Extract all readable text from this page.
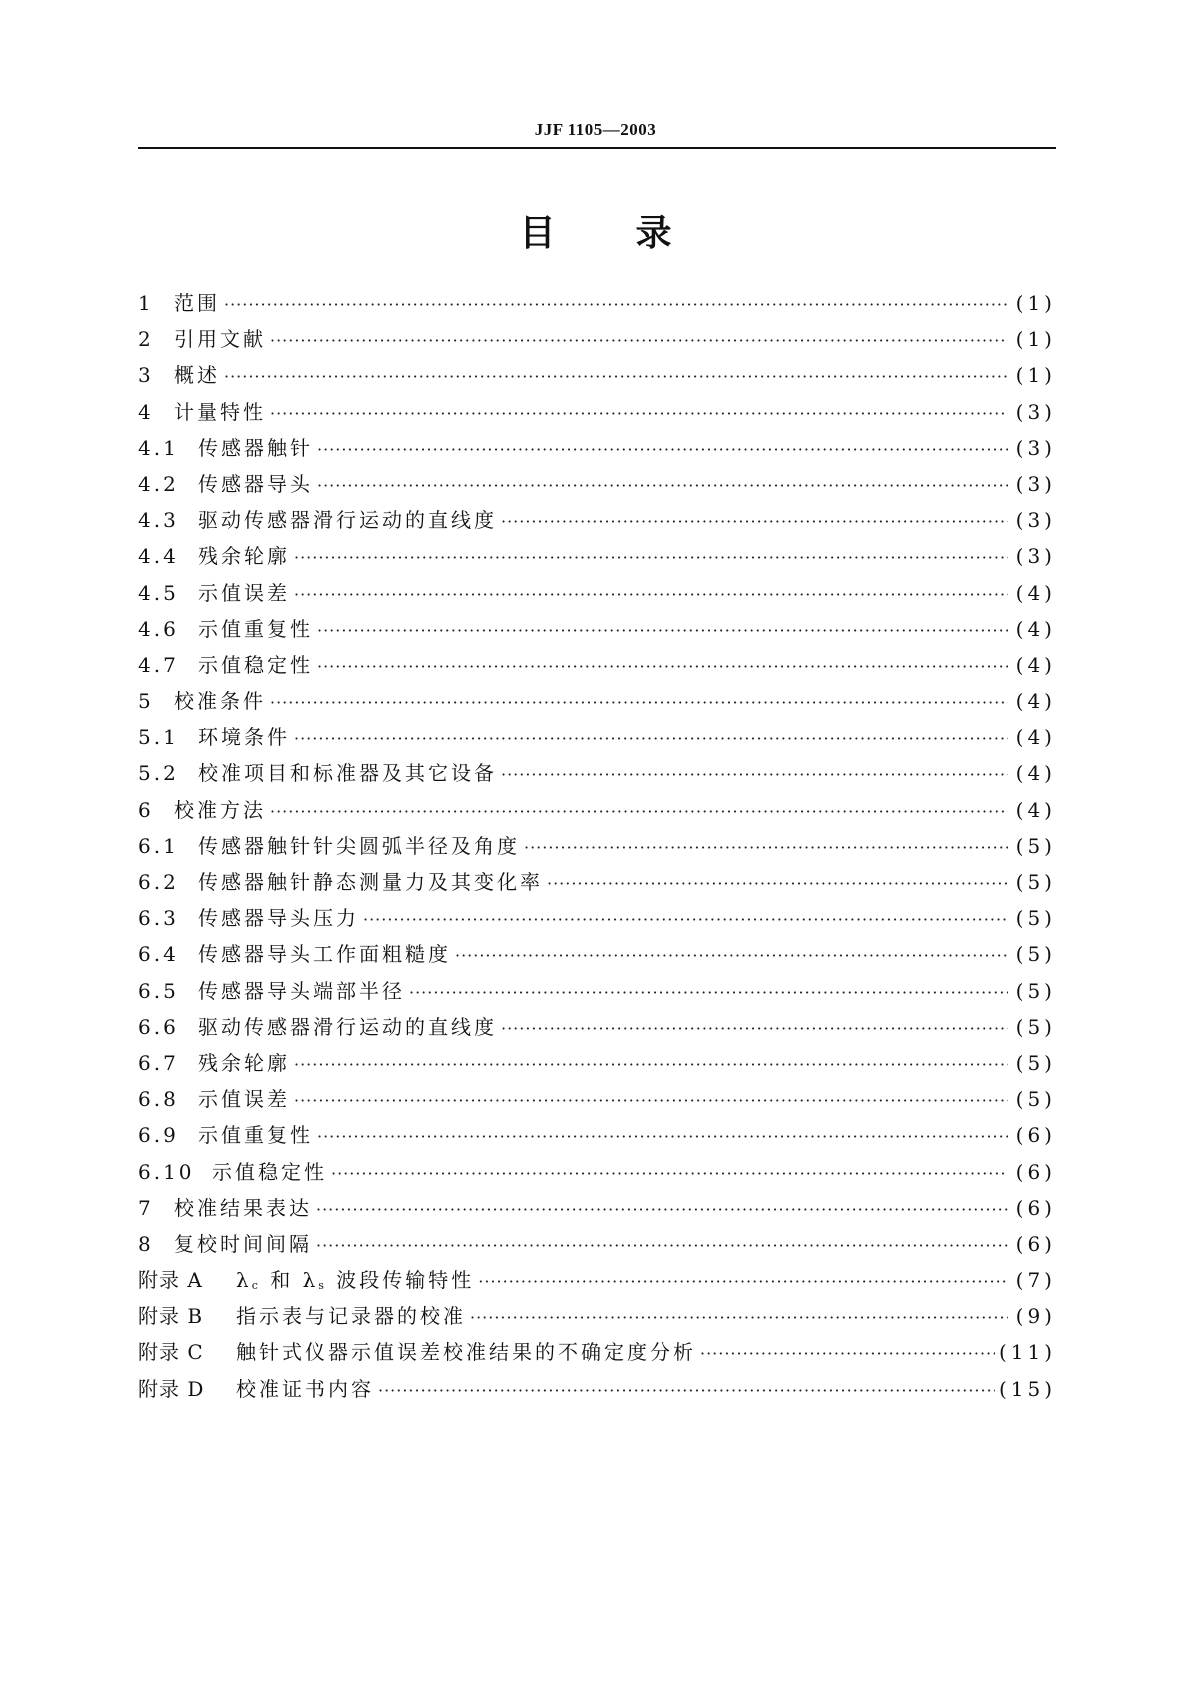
JJF 1105—2003
目录
1	范围 ·····	(1)
2	引用文献 ·····	(1)
3	概述 ·····	(1)
4	计量特性 ·····	(3)
4.1 传感器触针 ·····	(3)
4.2 传感器导头 ·····	(3)
4.3 驱动传感器滑行运动的直线度 ·····	(3)
4.4 残余轮廓 ·····	(3)
4.5 示值误差 ·····	(4)
4.6 示值重复性 ·····	(4)
4.7 示值稳定性 ·····	(4)
5	校准条件 ·····	(4)
5.1 环境条件 ·····	(4)
5.2 校准项目和标准器及其它设备 ·····	(4)
6	校准方法 ·····	(4)
6.1 传感器触针针尖圆弧半径及角度 ·····	(5)
6.2 传感器触针静态测量力及其变化率 ·····	(5)
6.3 传感器导头压力 ·····	(5)
6.4 传感器导头工作面粗糙度 ·····	(5)
6.5 传感器导头端部半径 ·····	(5)
6.6 驱动传感器滑行运动的直线度 ·····	(5)
6.7 残余轮廓 ·····	(5)
6.8 示值误差 ·····	(5)
6.9 示值重复性 ·····	(6)
6.10 示值稳定性 ·····	(6)
7	校准结果表达 ·····	(6)
8	复校时间间隔 ·····	(6)
附录 A	λc 和 λs 波段传输特性 ·····	(7)
附录 B	指示表与记录器的校准 ·····	(9)
附录 C	触针式仪器示值误差校准结果的不确定度分析 ·····	(11)
附录 D	校准证书内容 ·····	(15)
